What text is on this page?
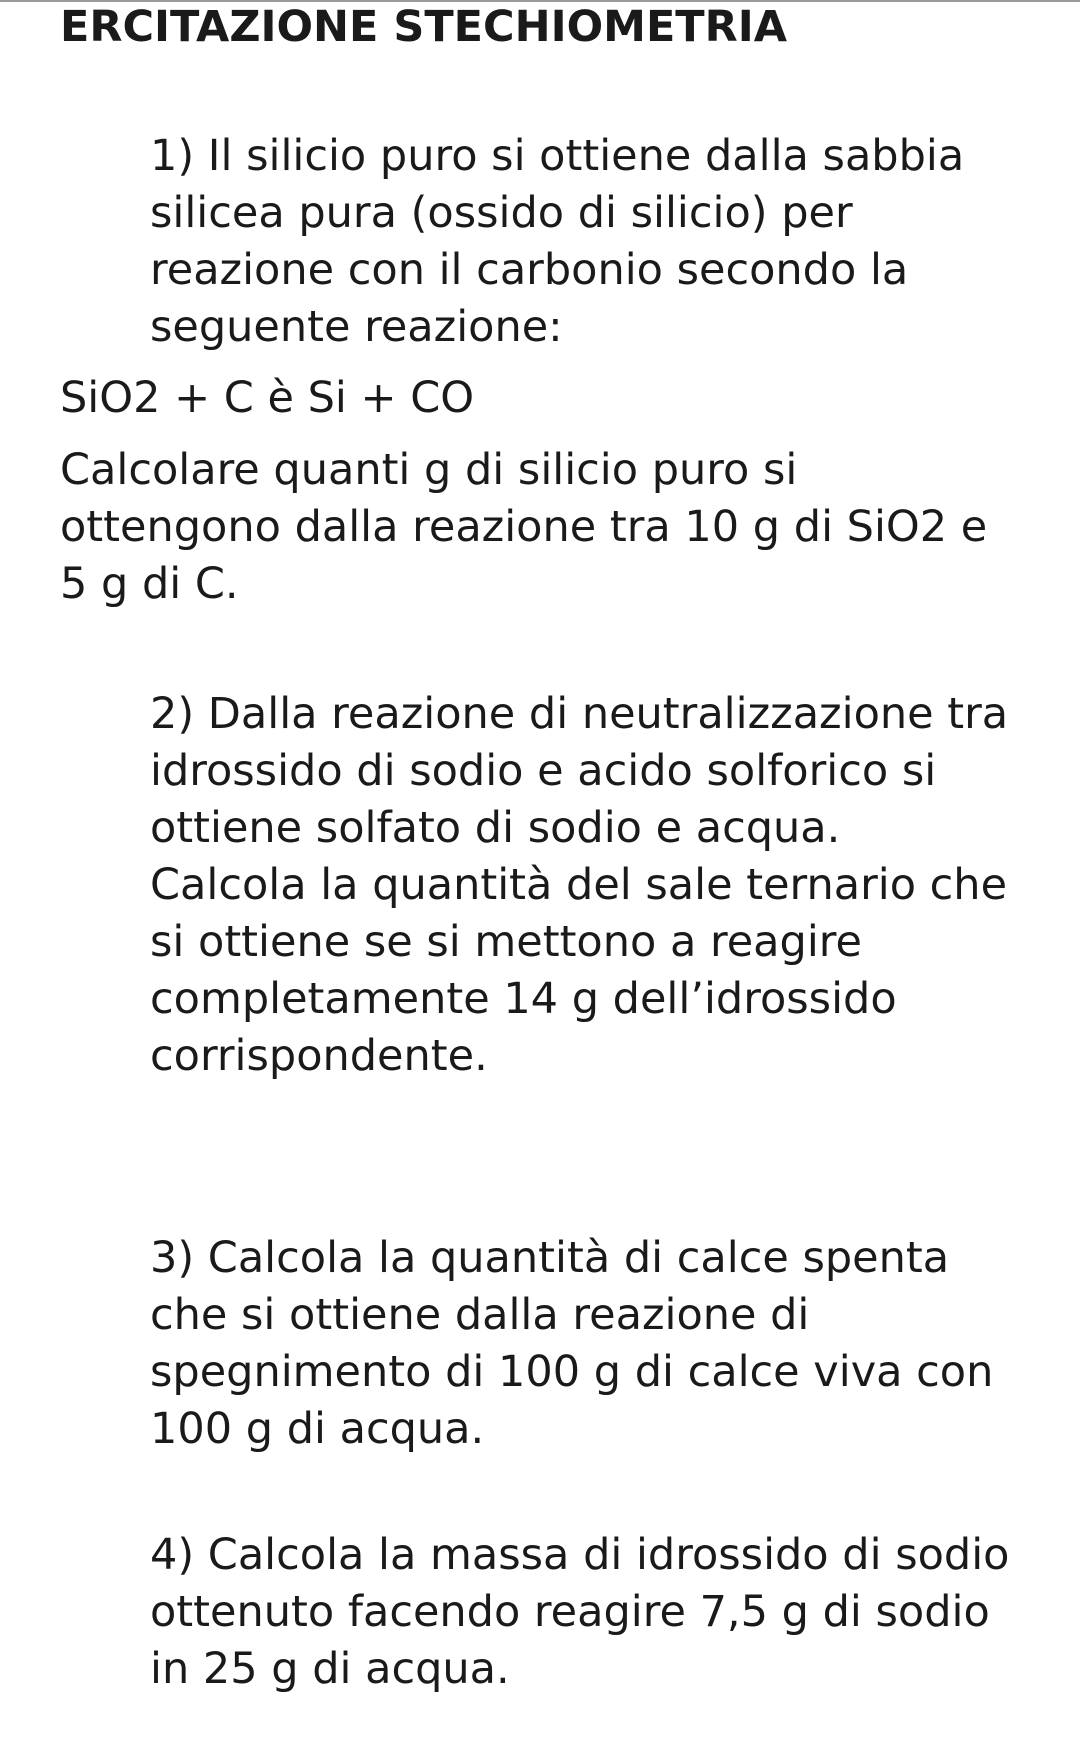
ERCITAZIONE STECHIOMETRIA
1) Il silicio puro si ottiene dalla sabbia
silicea pura (ossido di silicio) per
reazione con il carbonio secondo la
seguente reazione:
SiO2 + C è Si + CO
Calcolare quanti g di silicio puro si
ottengono dalla reazione tra 10 g di SiO2 e
5 g di C.
2) Dalla reazione di neutralizzazione tra
idrossido di sodio e acido solforico si
ottiene solfato di sodio e acqua.
Calcola la quantità del sale ternario che
si ottiene se si mettono a reagire
completamente 14 g dell’idrossido
corrispondente.
3) Calcola la quantità di calce spenta
che si ottiene dalla reazione di
spegnimento di 100 g di calce viva con
100 g di acqua.
4) Calcola la massa di idrossido di sodio
ottenuto facendo reagire 7,5 g di sodio
in 25 g di acqua.
